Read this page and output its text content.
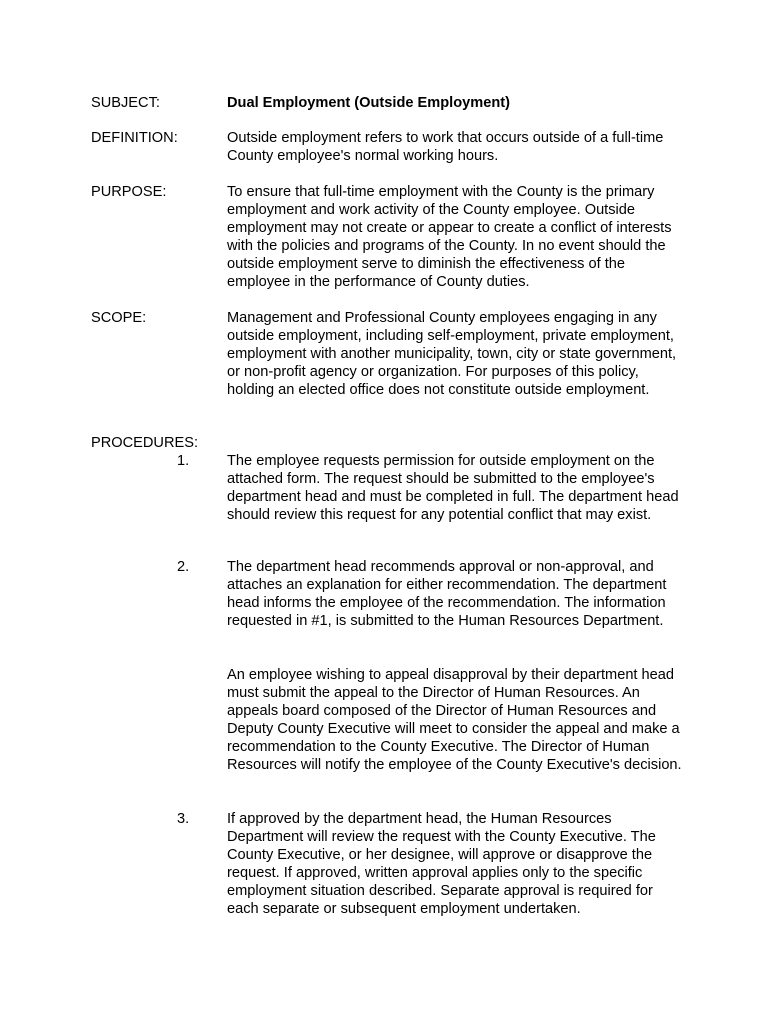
SUBJECT:	Dual Employment (Outside Employment)
DEFINITION:	Outside employment refers to work that occurs outside of a full-time County employee's normal working hours.
PURPOSE:	To ensure that full-time employment with the County is the primary employment and work activity of the County employee. Outside employment may not create or appear to create a conflict of interests with the policies and programs of the County. In no event should the outside employment serve to diminish the effectiveness of the employee in the performance of County duties.
SCOPE:	Management and Professional County employees engaging in any outside employment, including self-employment, private employment, employment with another municipality, town, city or state government, or non-profit agency or organization. For purposes of this policy, holding an elected office does not constitute outside employment.
PROCEDURES:
1.	The employee requests permission for outside employment on the attached form. The request should be submitted to the employee's department head and must be completed in full. The department head should review this request for any potential conflict that may exist.
2.	The department head recommends approval or non-approval, and attaches an explanation for either recommendation. The department head informs the employee of the recommendation. The information requested in #1, is submitted to the Human Resources Department.
An employee wishing to appeal disapproval by their department head must submit the appeal to the Director of Human Resources. An appeals board composed of the Director of Human Resources and Deputy County Executive will meet to consider the appeal and make a recommendation to the County Executive. The Director of Human Resources will notify the employee of the County Executive's decision.
3.	If approved by the department head, the Human Resources Department will review the request with the County Executive. The County Executive, or her designee, will approve or disapprove the request. If approved, written approval applies only to the specific employment situation described. Separate approval is required for each separate or subsequent employment undertaken.
